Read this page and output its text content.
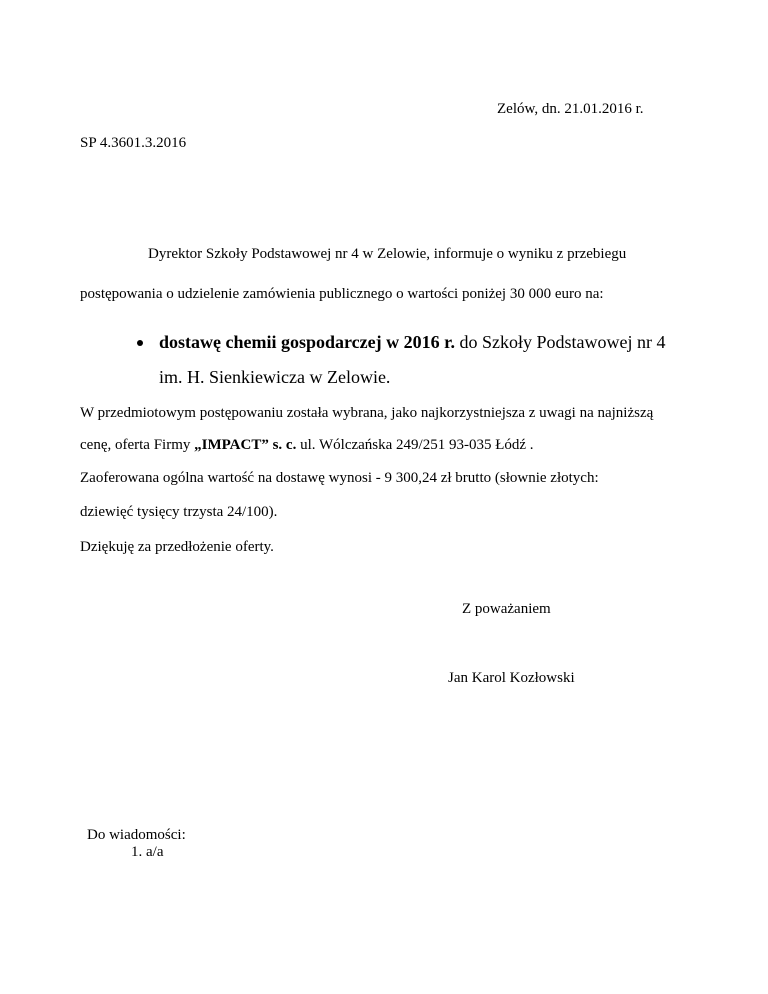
Zelów, dn. 21.01.2016 r.
SP 4.3601.3.2016
Dyrektor Szkoły Podstawowej nr 4 w Zelowie, informuje o wyniku z przebiegu
postępowania o udzielenie zamówienia publicznego o wartości poniżej 30 000 euro na:
dostawę chemii gospodarczej w 2016 r. do Szkoły Podstawowej nr 4
im. H. Sienkiewicza w Zelowie.
W przedmiotowym postępowaniu została wybrana, jako najkorzystniejsza z uwagi na najniższą
cenę, oferta Firmy „IMPACT” s. c. ul. Wólczańska 249/251 93-035 Łódź .
Zaoferowana ogólna wartość na dostawę wynosi - 9 300,24 zł brutto (słownie złotych:
dziewięć tysięcy trzysta 24/100).
Dziękuję za przedłożenie oferty.
Z poważaniem
Jan Karol Kozłowski
Do wiadomości:
1. a/a
